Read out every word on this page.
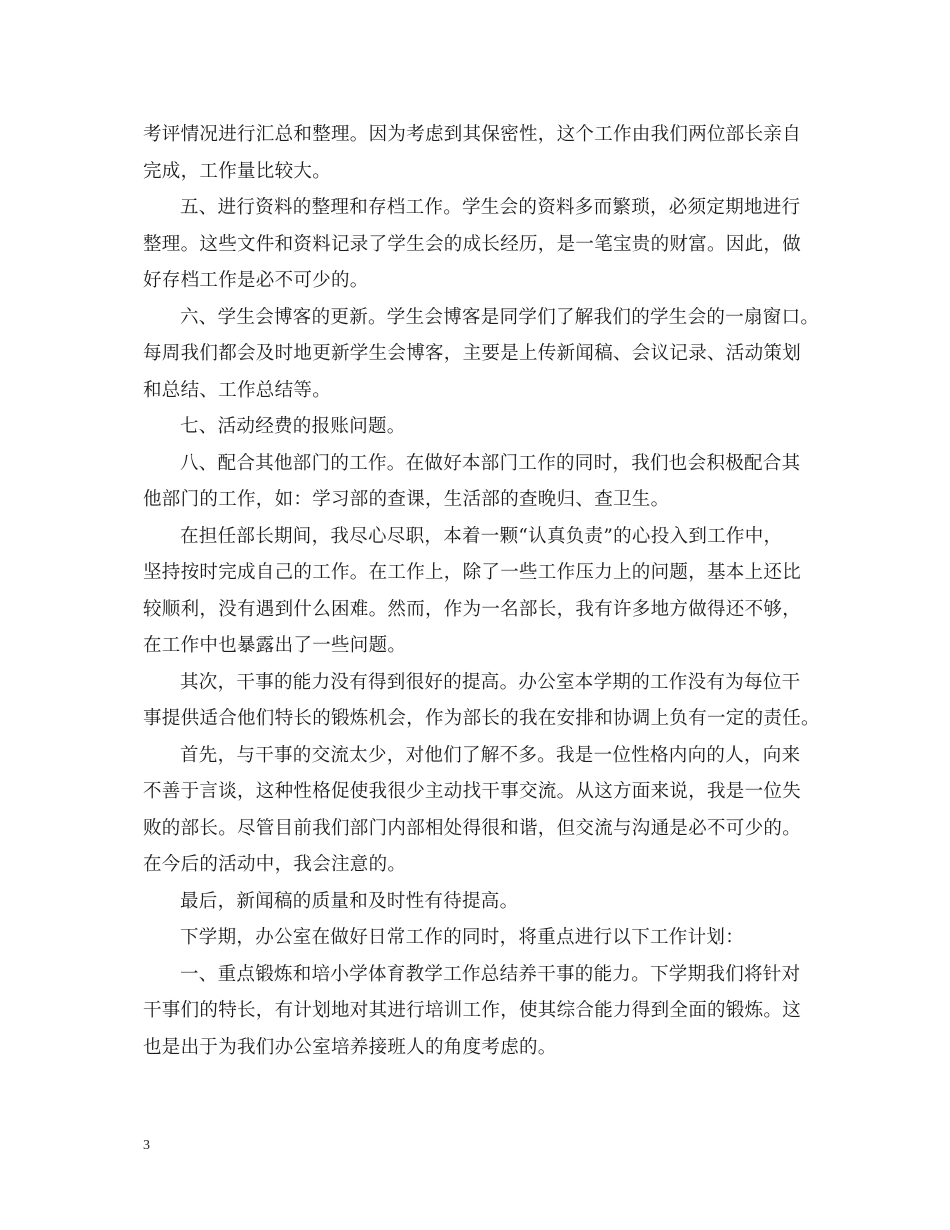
考评情况进行汇总和整理。因为考虑到其保密性，这个工作由我们两位部长亲自
完成，工作量比较大。
五、进行资料的整理和存档工作。学生会的资料多而繁琐，必须定期地进行
整理。这些文件和资料记录了学生会的成长经历，是一笔宝贵的财富。因此，做
好存档工作是必不可少的。
六、学生会博客的更新。学生会博客是同学们了解我们的学生会的一扇窗口。
每周我们都会及时地更新学生会博客，主要是上传新闻稿、会议记录、活动策划
和总结、工作总结等。
七、活动经费的报账问题。
八、配合其他部门的工作。在做好本部门工作的同时，我们也会积极配合其
他部门的工作，如：学习部的查课，生活部的查晚归、查卫生。
在担任部长期间，我尽心尽职，本着一颗“认真负责”的心投入到工作中，
坚持按时完成自己的工作。在工作上，除了一些工作压力上的问题，基本上还比
较顺利，没有遇到什么困难。然而，作为一名部长，我有许多地方做得还不够，
在工作中也暴露出了一些问题。
其次，干事的能力没有得到很好的提高。办公室本学期的工作没有为每位干
事提供适合他们特长的锻炼机会，作为部长的我在安排和协调上负有一定的责任。
首先，与干事的交流太少，对他们了解不多。我是一位性格内向的人，向来
不善于言谈，这种性格促使我很少主动找干事交流。从这方面来说，我是一位失
败的部长。尽管目前我们部门内部相处得很和谐，但交流与沟通是必不可少的。
在今后的活动中，我会注意的。
最后，新闻稿的质量和及时性有待提高。
下学期，办公室在做好日常工作的同时，将重点进行以下工作计划：
一、重点锻炼和培小学体育教学工作总结养干事的能力。下学期我们将针对
干事们的特长，有计划地对其进行培训工作，使其综合能力得到全面的锻炼。这
也是出于为我们办公室培养接班人的角度考虑的。
3
